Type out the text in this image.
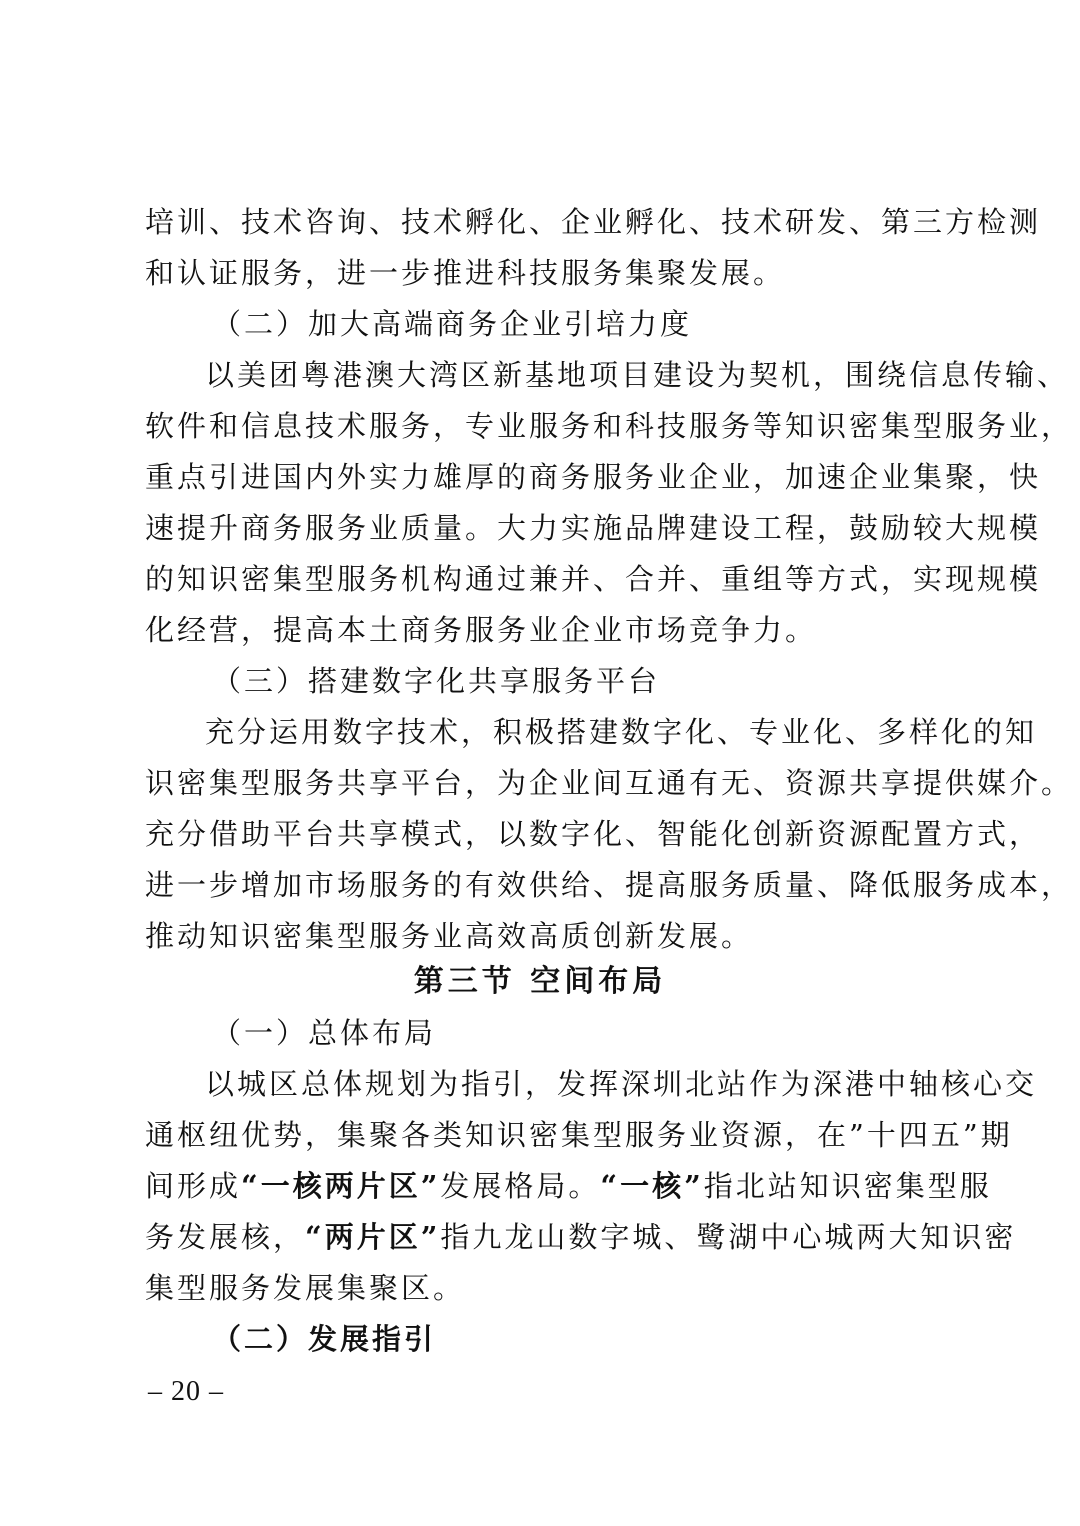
培训、技术咨询、技术孵化、企业孵化、技术研发、第三方检测
和认证服务，进一步推进科技服务集聚发展。
（二）加大高端商务企业引培力度
以美团粤港澳大湾区新基地项目建设为契机，围绕信息传输、
软件和信息技术服务，专业服务和科技服务等知识密集型服务业，
重点引进国内外实力雄厚的商务服务业企业，加速企业集聚，快
速提升商务服务业质量。大力实施品牌建设工程，鼓励较大规模
的知识密集型服务机构通过兼并、合并、重组等方式，实现规模
化经营，提高本土商务服务业企业市场竞争力。
（三）搭建数字化共享服务平台
充分运用数字技术，积极搭建数字化、专业化、多样化的知
识密集型服务共享平台，为企业间互通有无、资源共享提供媒介。
充分借助平台共享模式，以数字化、智能化创新资源配置方式，
进一步增加市场服务的有效供给、提高服务质量、降低服务成本，
推动知识密集型服务业高效高质创新发展。
第三节 空间布局
（一）总体布局
以城区总体规划为指引，发挥深圳北站作为深港中轴核心交
通枢纽优势，集聚各类知识密集型服务业资源，在”十四五”期
间形成“一核两片区”发展格局。“一核”指北站知识密集型服
务发展核，“两片区”指九龙山数字城、鹭湖中心城两大知识密
集型服务发展集聚区。
（二）发展指引
– 20 –
